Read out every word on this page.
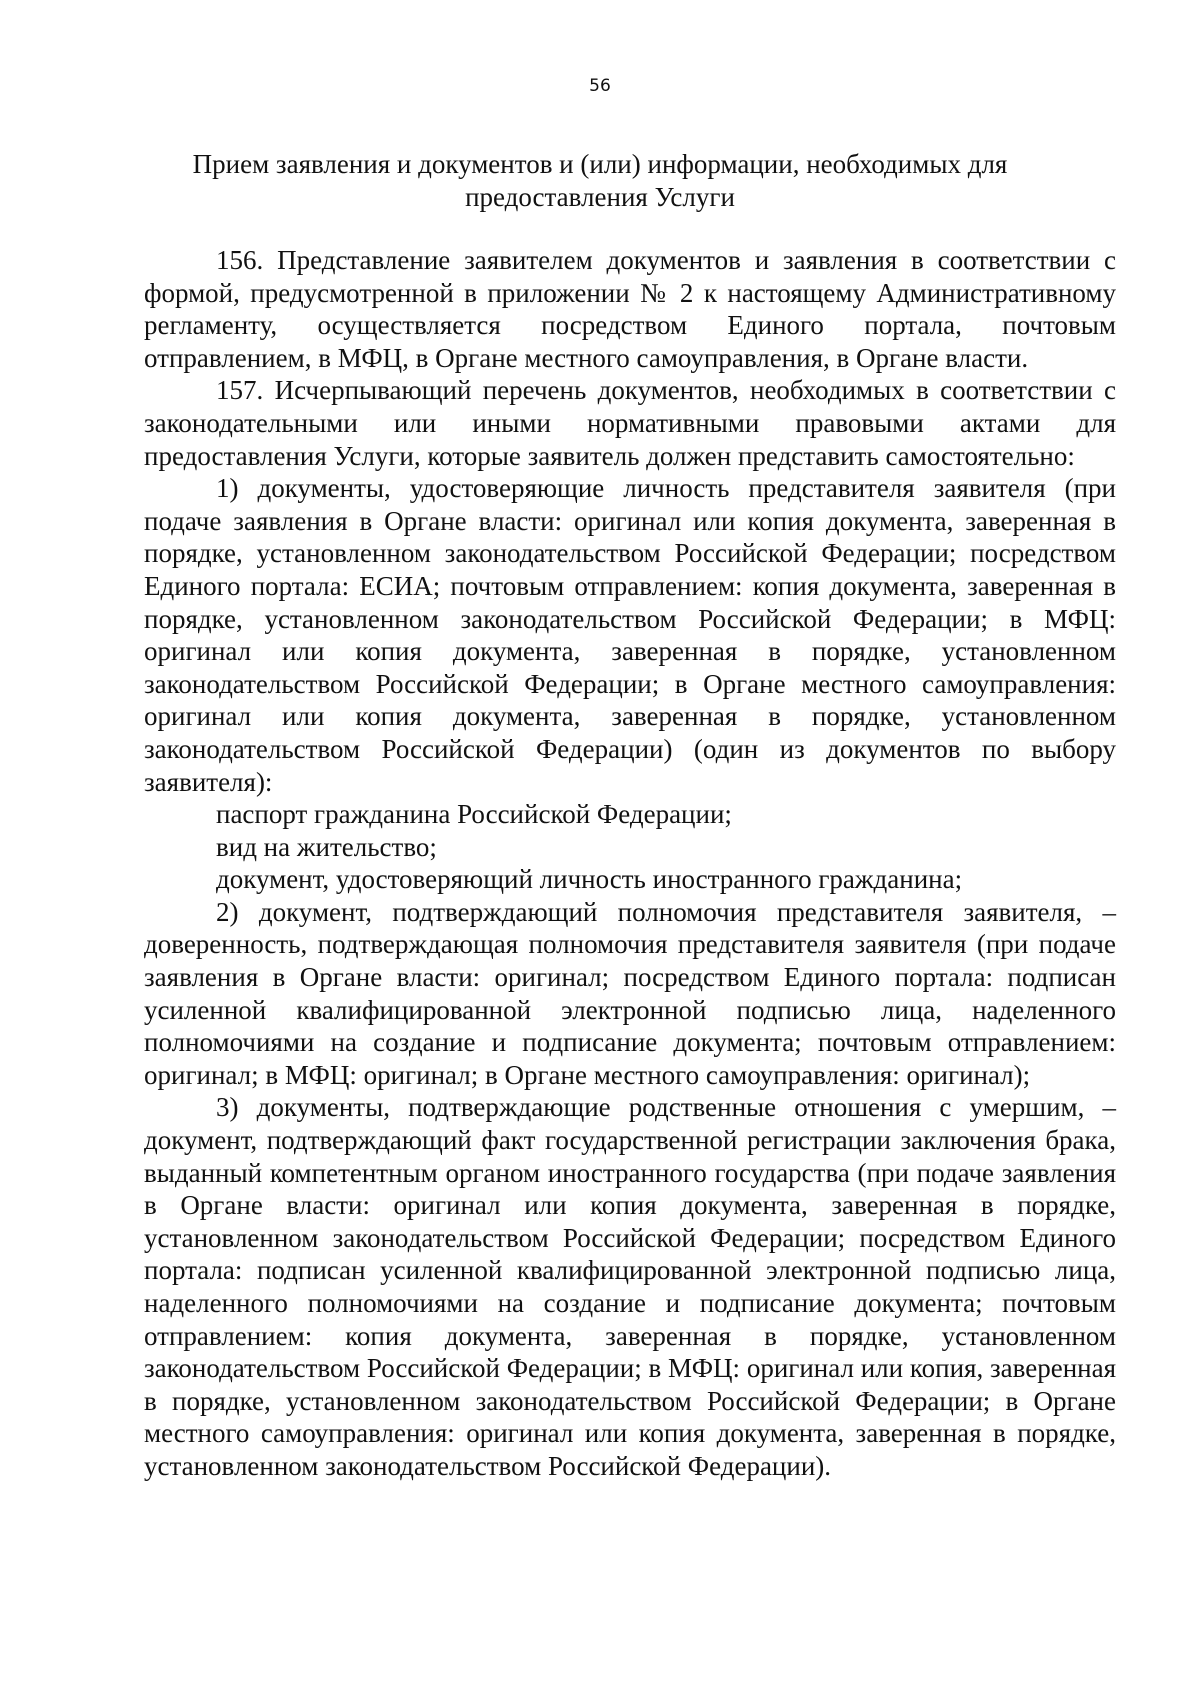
56
Прием заявления и документов и (или) информации, необходимых для предоставления Услуги

156. Представление заявителем документов и заявления в соответствии с формой, предусмотренной в приложении № 2 к настоящему Административному регламенту, осуществляется посредством Единого портала, почтовым отправлением, в МФЦ, в Органе местного самоуправления, в Органе власти.

157. Исчерпывающий перечень документов, необходимых в соответствии с законодательными или иными нормативными правовыми актами для предоставления Услуги, которые заявитель должен представить самостоятельно:

1) документы, удостоверяющие личность представителя заявителя (при подаче заявления в Органе власти: оригинал или копия документа, заверенная в порядке, установленном законодательством Российской Федерации; посредством Единого портала: ЕСИА; почтовым отправлением: копия документа, заверенная в порядке, установленном законодательством Российской Федерации; в МФЦ: оригинал или копия документа, заверенная в порядке, установленном законодательством Российской Федерации; в Органе местного самоуправления: оригинал или копия документа, заверенная в порядке, установленном законодательством Российской Федерации) (один из документов по выбору заявителя):

паспорт гражданина Российской Федерации;

вид на жительство;

документ, удостоверяющий личность иностранного гражданина;

2) документ, подтверждающий полномочия представителя заявителя, – доверенность, подтверждающая полномочия представителя заявителя (при подаче заявления в Органе власти: оригинал; посредством Единого портала: подписан усиленной квалифицированной электронной подписью лица, наделенного полномочиями на создание и подписание документа; почтовым отправлением: оригинал; в МФЦ: оригинал; в Органе местного самоуправления: оригинал);

3) документы, подтверждающие родственные отношения с умершим, – документ, подтверждающий факт государственной регистрации заключения брака, выданный компетентным органом иностранного государства (при подаче заявления в Органе власти: оригинал или копия документа, заверенная в порядке, установленном законодательством Российской Федерации; посредством Единого портала: подписан усиленной квалифицированной электронной подписью лица, наделенного полномочиями на создание и подписание документа; почтовым отправлением: копия документа, заверенная в порядке, установленном законодательством Российской Федерации; в МФЦ: оригинал или копия, заверенная в порядке, установленном законодательством Российской Федерации; в Органе местного самоуправления: оригинал или копия документа, заверенная в порядке, установленном законодательством Российской Федерации).
